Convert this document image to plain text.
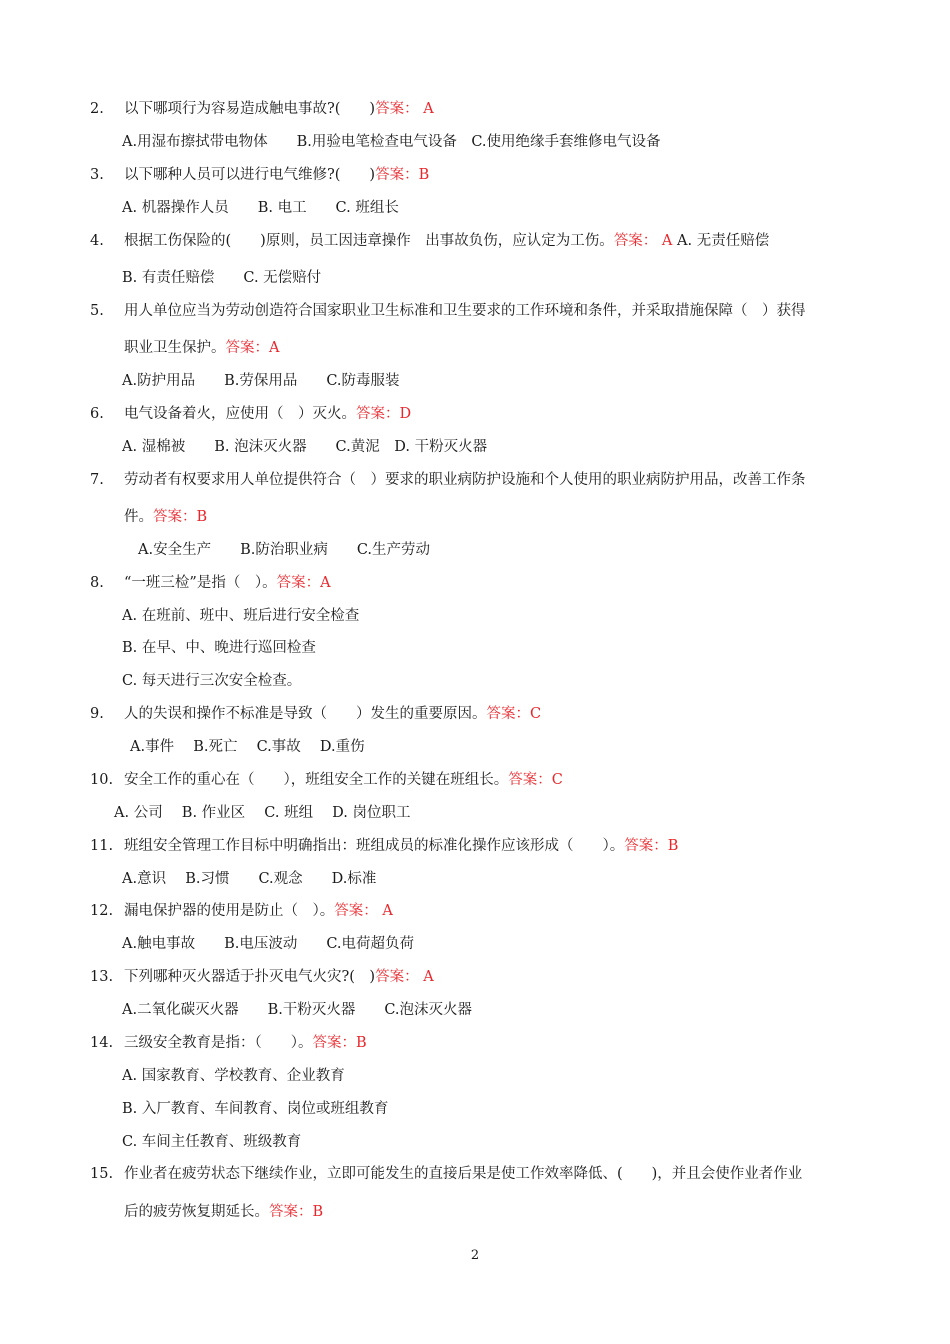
2. 以下哪项行为容易造成触电事故?(　　)答案： A
A.用湿布擦拭带电物体　　B.用验电笔检查电气设备　C.使用绝缘手套维修电气设备
3. 以下哪种人员可以进行电气维修?(　　)答案：B
A. 机器操作人员　　B. 电工　　C. 班组长
4. 根据工伤保险的(　　)原则，员工因违章操作　出事故负伤，应认定为工伤。答案： A A. 无责任赔偿
B. 有责任赔偿　　C. 无偿赔付
5. 用人单位应当为劳动创造符合国家职业卫生标准和卫生要求的工作环境和条件，并采取措施保障（　）获得
职业卫生保护。答案：A
A.防护用品　　B.劳保用品　　C.防毒服装
6. 电气设备着火，应使用（　）灭火。答案：D
A. 湿棉被　　B. 泡沫灭火器　　C.黄泥　D. 干粉灭火器
7. 劳动者有权要求用人单位提供符合（　）要求的职业病防护设施和个人使用的职业病防护用品，改善工作条
件。答案：B
A.安全生产　　B.防治职业病　　C.生产劳动
8. “一班三检”是指（　）。答案：A
A. 在班前、班中、班后进行安全检查
B. 在早、中、晚进行巡回检查
C. 每天进行三次安全检查。
9. 人的失误和操作不标准是导致（　　）发生的重要原因。答案：C
A.事件　 B.死亡　 C.事故　 D.重伤
10. 安全工作的重心在（　　），班组安全工作的关键在班组长。答案：C
A. 公司　 B. 作业区　 C. 班组　 D. 岗位职工
11. 班组安全管理工作目标中明确指出：班组成员的标准化操作应该形成（　　）。答案：B
A.意识　 B.习惯　　C.观念　　D.标准
12. 漏电保护器的使用是防止（　）。答案： A
A.触电事故　　B.电压波动　　C.电荷超负荷
13. 下列哪种灭火器适于扑灭电气火灾?(　)答案： A
A.二氧化碳灭火器　　B.干粉灭火器　　C.泡沫灭火器
14. 三级安全教育是指：（　　）。答案：B
A. 国家教育、学校教育、企业教育
B. 入厂教育、车间教育、岗位或班组教育
C. 车间主任教育、班级教育
15. 作业者在疲劳状态下继续作业，立即可能发生的直接后果是使工作效率降低、(　　)，并且会使作业者作业
后的疲劳恢复期延长。答案：B
2
